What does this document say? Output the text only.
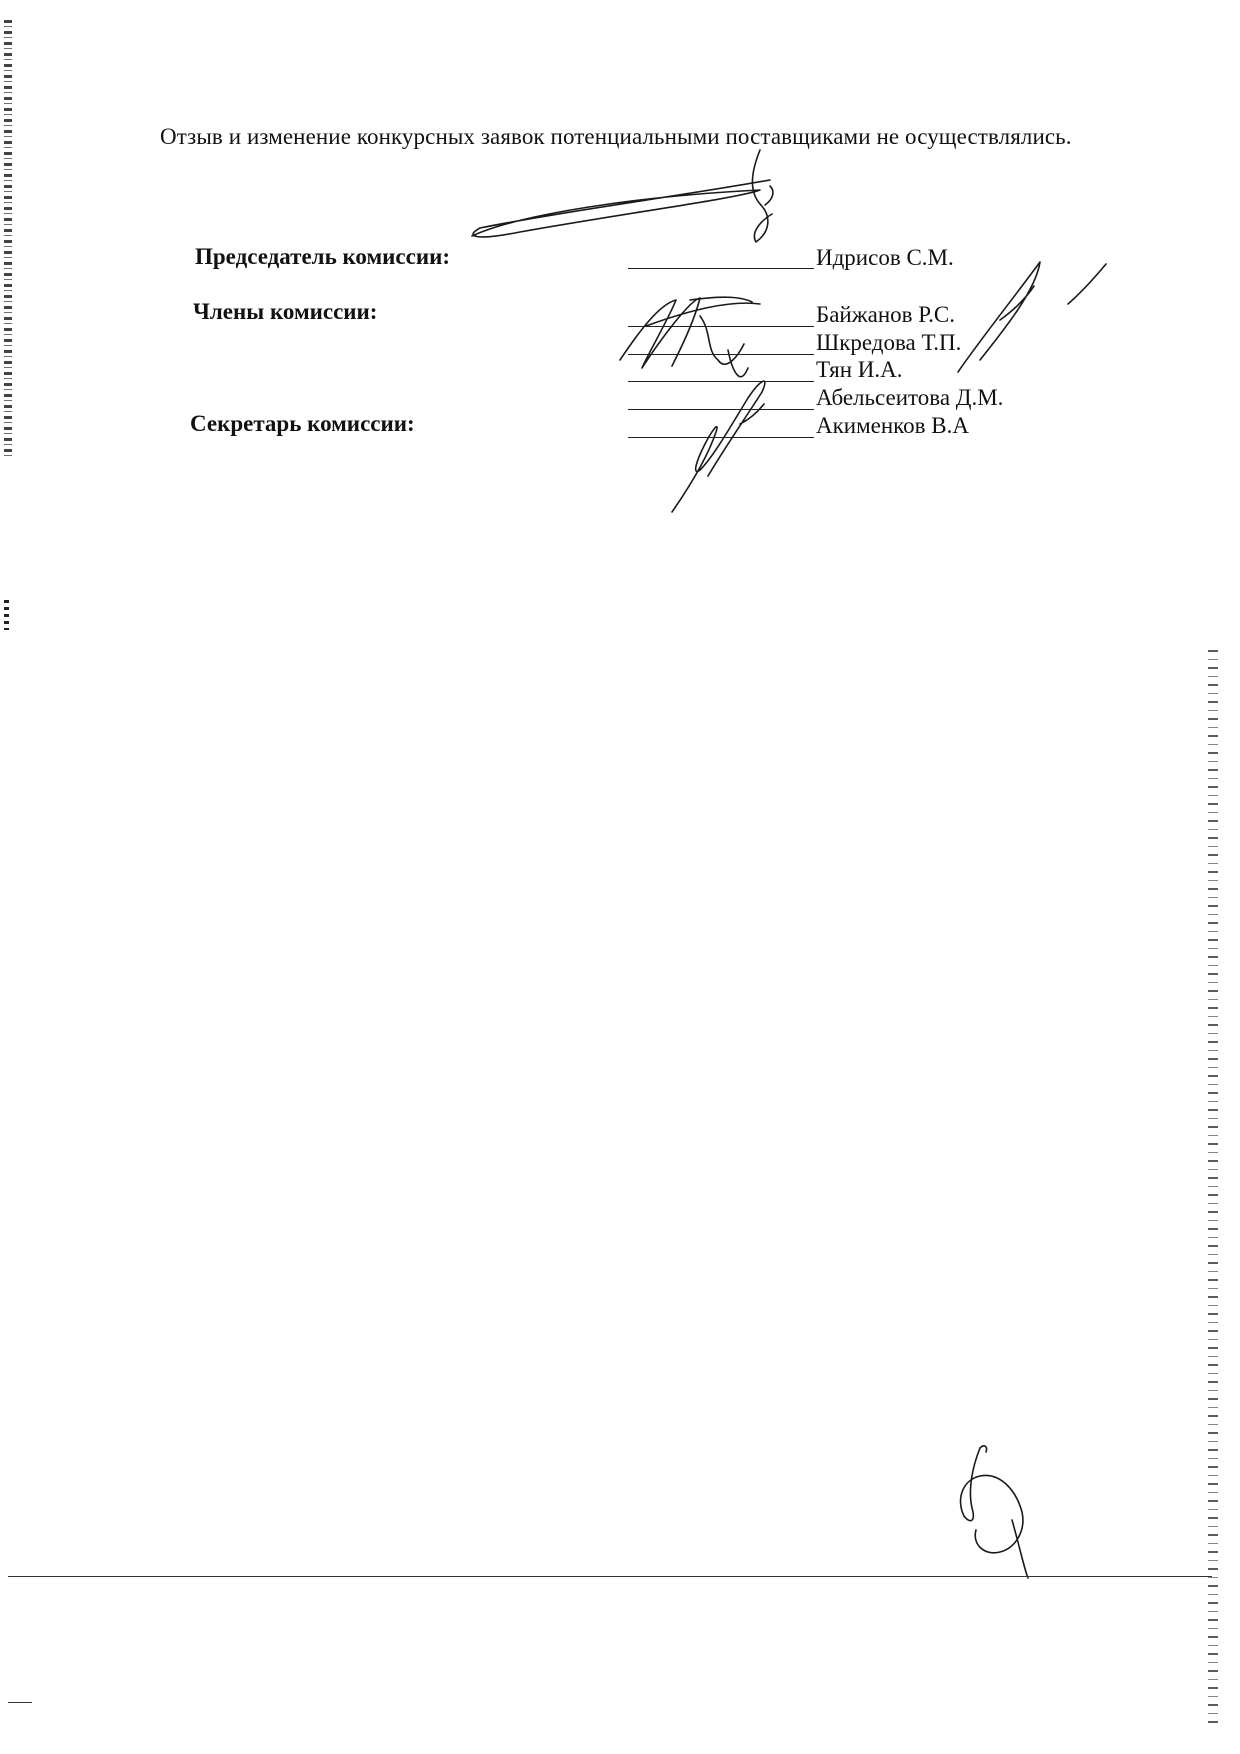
Отзыв и изменение конкурсных заявок потенциальными поставщиками не осуществлялись.
Председатель комиссии:	Идрисов С.М.
Члены комиссии:	Байжанов Р.С.
Шкредова Т.П.
Тян И.А.
Абельсеитова Д.М.
Секретарь комиссии:	Акименков В.А
